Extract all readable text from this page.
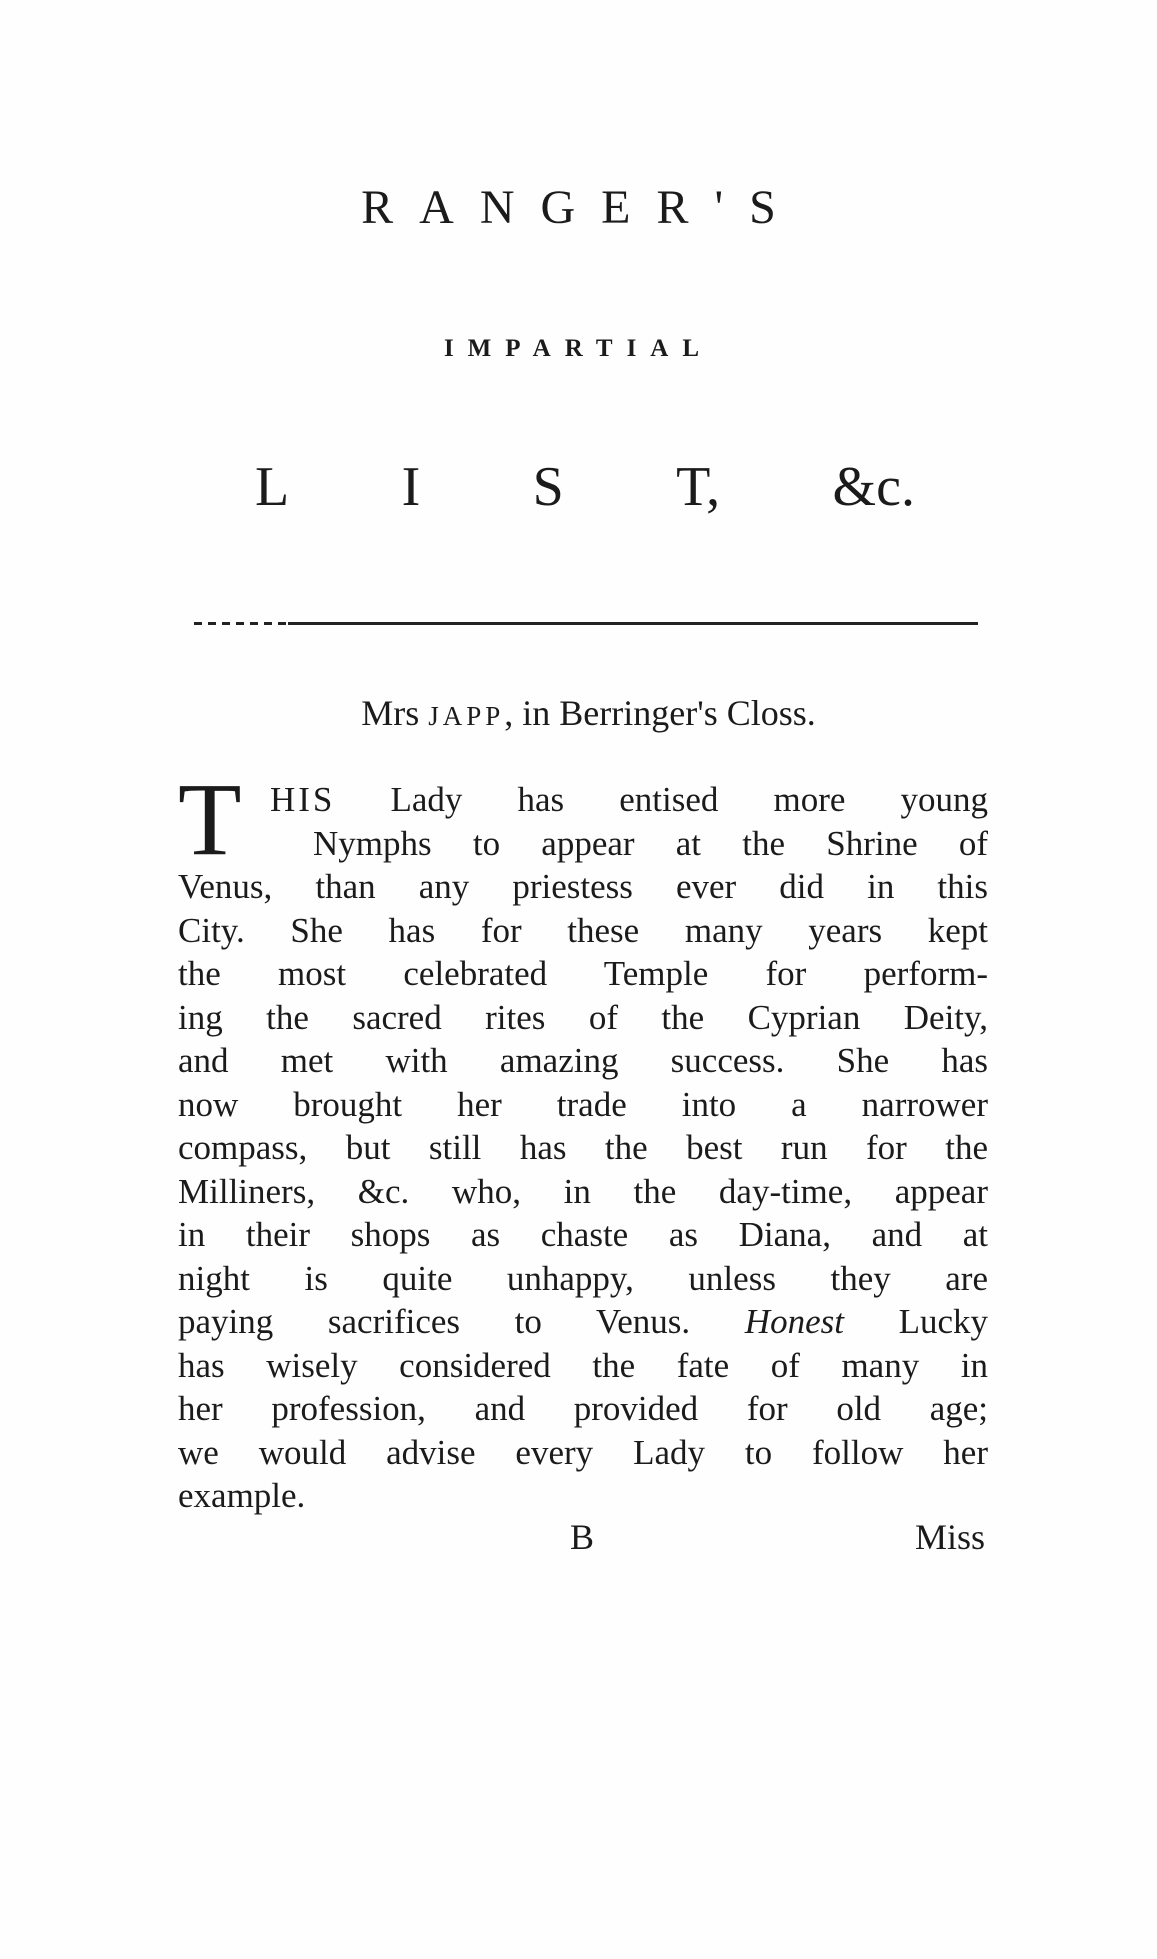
RANGER'S
IMPARTIAL
L I S T, &c.
Mrs JAPP, in Berringer's Closs.
T HIS Lady has entised more young
Nymphs to appear at the Shrine of
Venus, than any priestess ever did in this
City. She has for these many years kept
the most celebrated Temple for perform-
ing the sacred rites of the Cyprian Deity,
and met with amazing success. She has
now brought her trade into a narrower
compass, but still has the best run for the
Milliners, &c. who, in the day-time, appear
in their shops as chaste as Diana, and at
night is quite unhappy, unless they are
paying sacrifices to Venus. Honest Lucky
has wisely considered the fate of many in
her profession, and provided for old age;
we would advise every Lady to follow her
example.
B	Miss
